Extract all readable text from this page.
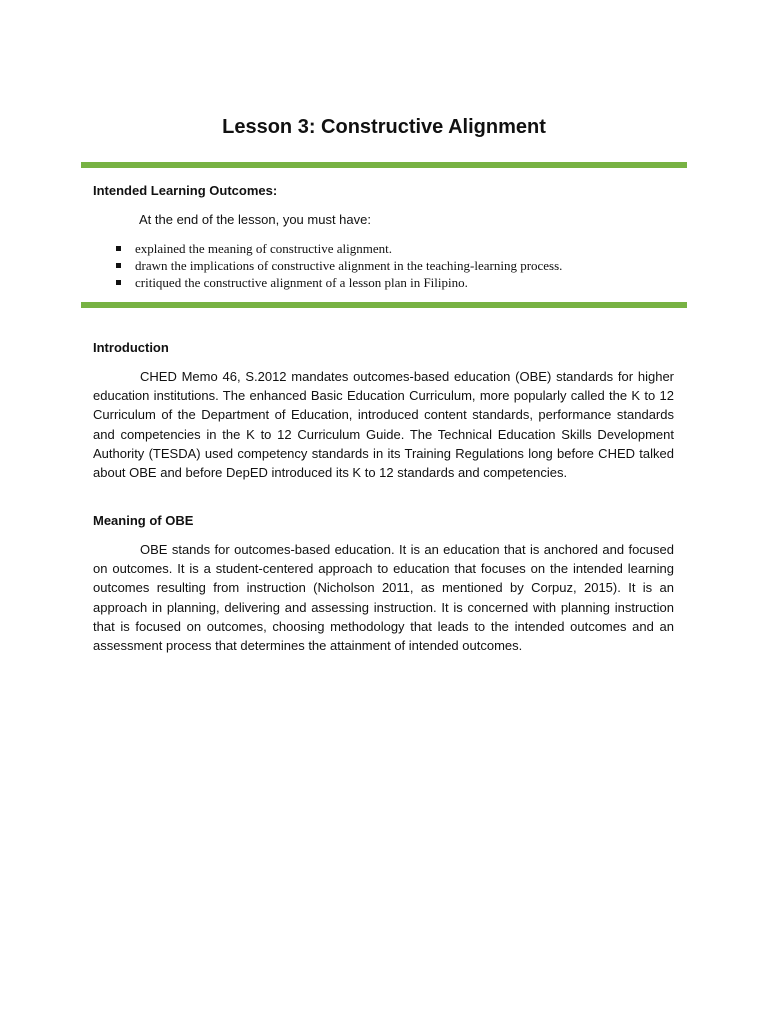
Lesson 3: Constructive Alignment
Intended Learning Outcomes:
At the end of the lesson, you must have:
explained the meaning of constructive alignment.
drawn the implications of constructive alignment in the teaching-learning process.
critiqued the constructive alignment of a lesson plan in Filipino.
Introduction

CHED Memo 46, S.2012 mandates outcomes-based education (OBE) standards for higher education institutions. The enhanced Basic Education Curriculum, more popularly called the K to 12 Curriculum of the Department of Education, introduced content standards, performance standards and competencies in the K to 12 Curriculum Guide. The Technical Education Skills Development Authority (TESDA) used competency standards in its Training Regulations long before CHED talked about OBE and before DepED introduced its K to 12 standards and competencies.

Meaning of OBE

OBE stands for outcomes-based education. It is an education that is anchored and focused on outcomes. It is a student-centered approach to education that focuses on the intended learning outcomes resulting from instruction (Nicholson 2011, as mentioned by Corpuz, 2015). It is an approach in planning, delivering and assessing instruction. It is concerned with planning instruction that is focused on outcomes, choosing methodology that leads to the intended outcomes and an assessment process that determines the attainment of intended outcomes.
